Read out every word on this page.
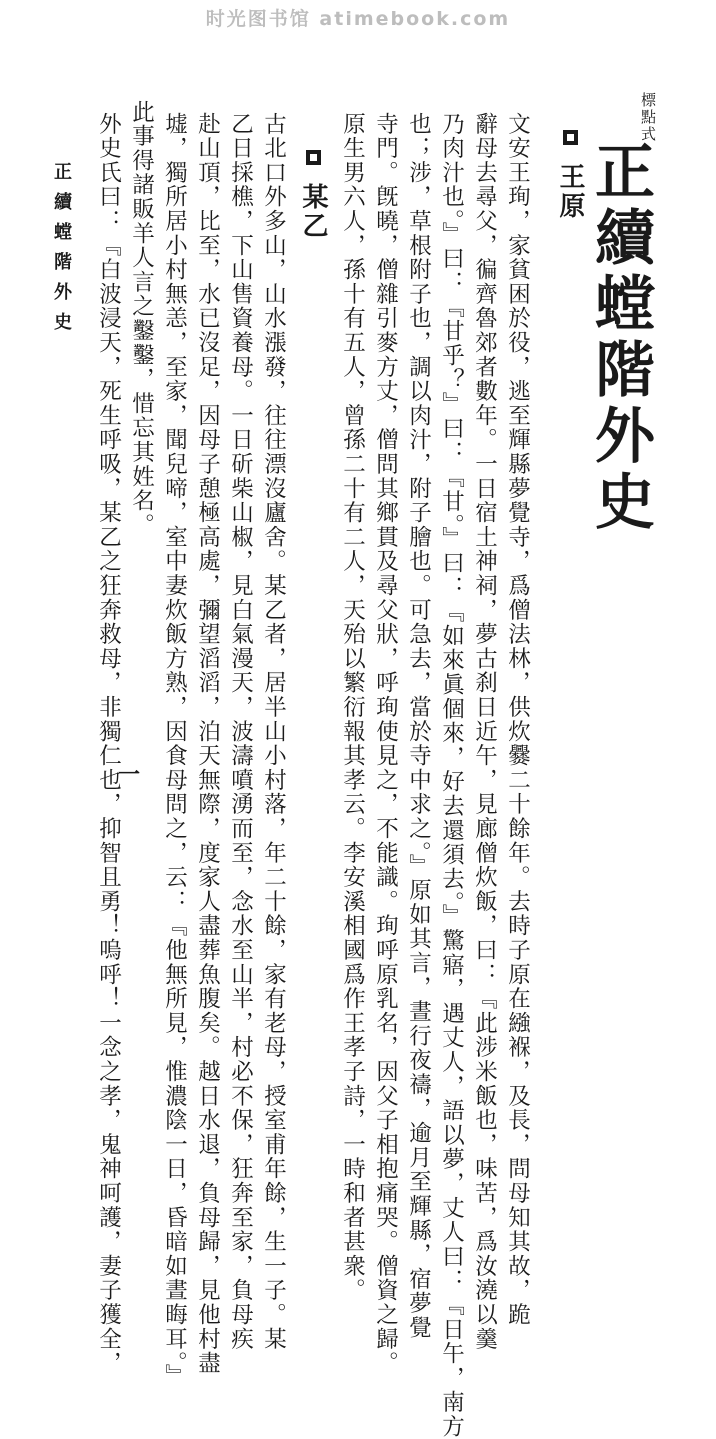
时光图书馆 atimebook.com
標點式
正續螳階外史
王原
文安王珣，家貧困於役，逃至輝縣夢覺寺，爲僧法林，供炊爨二十餘年。去時子原在繈褓，及長，問母知其故，跪
辭母去尋父，徧齊魯郊者數年。一日宿土神祠，夢古刹日近午，見廊僧炊飯，曰：『此涉米飯也，味苦，爲汝澆以羹
乃肉汁也。』曰：『甘乎？』曰：『甘。』曰：『如來眞個來，好去還須去。』驚寤，遇丈人，語以夢，丈人曰：『日午，南方
也；涉，草根附子也，調以肉汁，附子膾也。可急去，當於寺中求之。』原如其言，晝行夜禱，逾月至輝縣，宿夢覺
寺門。旣曉，僧雜引麥方丈，僧問其鄉貫及尋父狀，呼珣使見之，不能識。珣呼原乳名，因父子相抱痛哭。僧資之歸。
原生男六人，孫十有五人，曾孫二十有二人，天殆以繁衍報其孝云。李安溪相國爲作王孝子詩，一時和者甚衆。
某乙
古北口外多山，山水漲發，往往漂沒廬舍。某乙者，居半山小村落，年二十餘，家有老母，授室甫年餘，生一子。某
乙日採樵，下山售資養母。一日斫柴山椒，見白氣漫天，波濤噴湧而至，念水至山半，村必不保，狂奔至家，負母疾
赴山頂，比至，水已沒足，因母子憩極高處，彌望滔滔，泊天無際，度家人盡葬魚腹矣。越日水退，負母歸，見他村盡
墟，獨所居小村無恙，至家，聞兒啼，室中妻炊飯方熟，因食母問之，云：『他無所見，惟濃陰一日，昏暗如晝晦耳。』
此事得諸販羊人言之鑿鑿，惜忘其姓名。
外史氏曰：『白波浸天，死生呼吸，某乙之狂奔救母，非獨仁也，抑智且勇！嗚呼！一念之孝，鬼神呵護，妻子獲全，
正續螳階外史
一
